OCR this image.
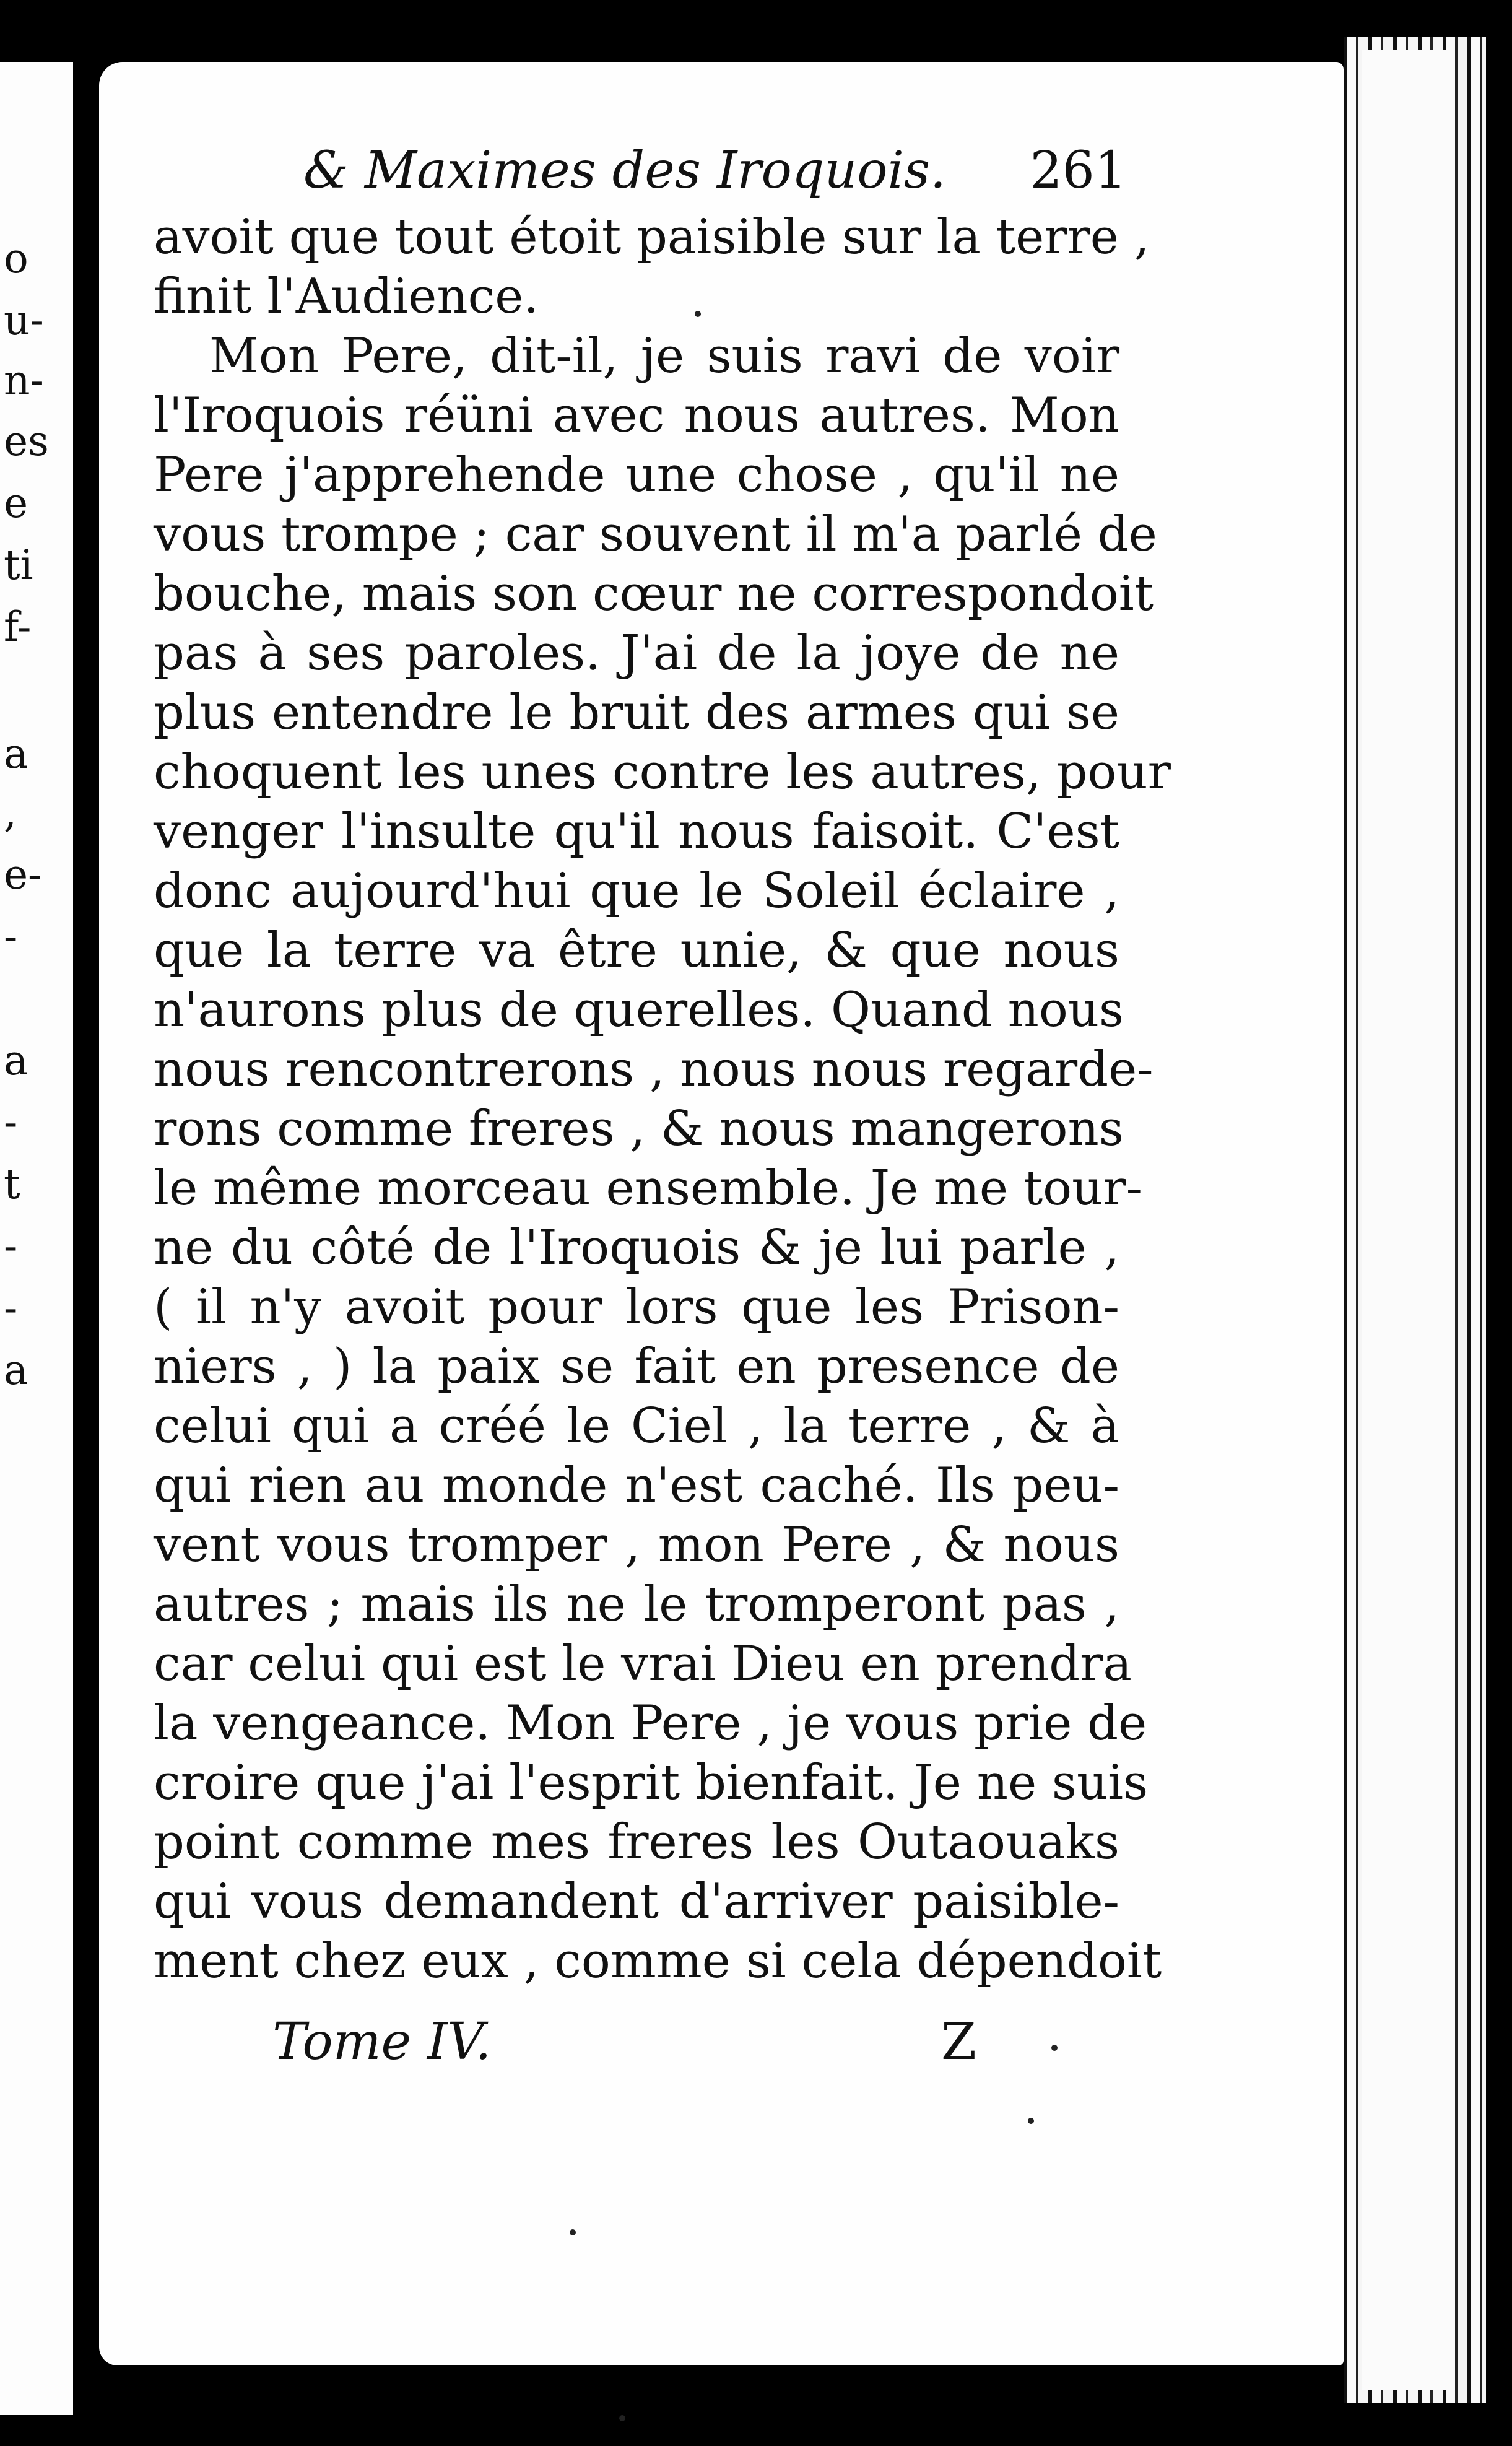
o
u-
n-
es
e
ti
f-
a
,
e-
-
a
-
t
-
-
a
& Maximes des Iroquois. 261
avoit que tout étoit paisible sur la terre ,
finit l'Audience.
Mon Pere, dit-il, je suis ravi de voir
l'Iroquois réüni avec nous autres. Mon
Pere j'apprehende une chose , qu'il ne
vous trompe ; car souvent il m'a parlé de
bouche, mais son cœur ne correspondoit
pas à ses paroles. J'ai de la joye de ne
plus entendre le bruit des armes qui se
choquent les unes contre les autres, pour
venger l'insulte qu'il nous faisoit. C'est
donc aujourd'hui que le Soleil éclaire ,
que la terre va être unie, & que nous
n'aurons plus de querelles. Quand nous
nous rencontrerons , nous nous regarde-
rons comme freres , & nous mangerons
le même morceau ensemble. Je me tour-
ne du côté de l'Iroquois & je lui parle ,
( il n'y avoit pour lors que les Prison-
niers , ) la paix se fait en presence de
celui qui a créé le Ciel , la terre , & à
qui rien au monde n'est caché. Ils peu-
vent vous tromper , mon Pere , & nous
autres ; mais ils ne le tromperont pas ,
car celui qui est le vrai Dieu en prendra
la vengeance. Mon Pere , je vous prie de
croire que j'ai l'esprit bienfait. Je ne suis
point comme mes freres les Outaouaks
qui vous demandent d'arriver paisible-
ment chez eux , comme si cela dépendoit
Tome IV.	Z
